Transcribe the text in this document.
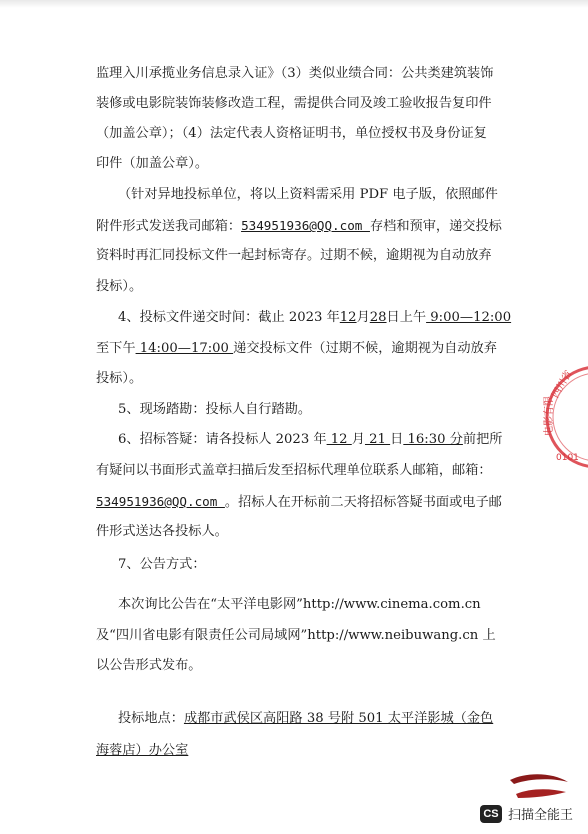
监理入川承揽业务信息录入证》（3）类似业绩合同：公共类建筑装饰
装修或电影院装饰装修改造工程，需提供合同及竣工验收报告复印件
（加盖公章）；（4）法定代表人资格证明书，单位授权书及身份证复
印件（加盖公章）。
（针对异地投标单位，将以上资料需采用 PDF 电子版，依照邮件
附件形式发送我司邮箱：534951936@QQ.com 存档和预审，递交投标
资料时再汇同投标文件一起封标寄存。过期不候，逾期视为自动放弃
投标）。
4、投标文件递交时间：截止 2023 年12月28日上午 9:00—12:00
至下午 14:00—17:00 递交投标文件（过期不候，逾期视为自动放弃
投标）。
5、现场踏勘：投标人自行踏勘。
6、招标答疑：请各投标人 2023 年 12 月 21 日 16:30 分前把所
有疑问以书面形式盖章扫描后发至招标代理单位联系人邮箱，邮箱：
534951936@QQ.com 。招标人在开标前二天将招标答疑书面或电子邮
件形式送达各投标人。
7、公告方式：
本次询比公告在“太平洋电影网”http://www.cinema.com.cn
及“四川省电影有限责任公司局域网”http://www.neibuwang.cn 上
以公告形式发布。
投标地点：成都市武侯区高阳路 38 号附 501 太平洋影城（金色
海蓉店）办公室
四川省
电影有限
0101
CS 扫描全能王
